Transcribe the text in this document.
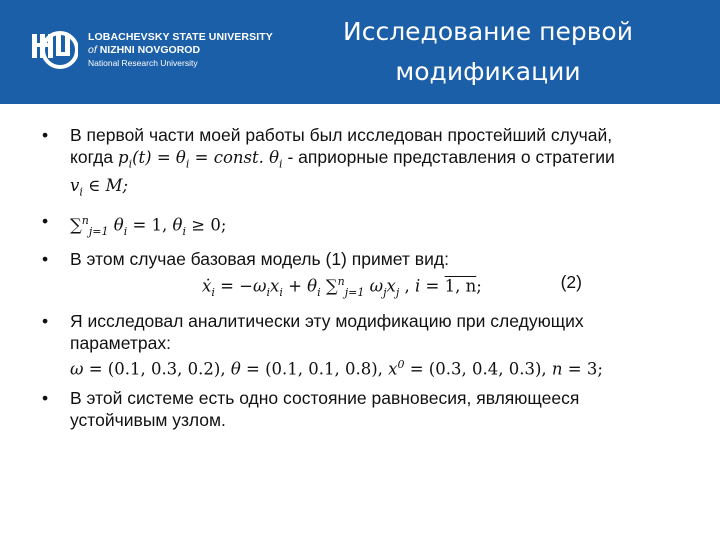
LOBACHEVSKY STATE UNIVERSITY
of NIZHNI NOVGOROD
National Research University
Исследование первой
модификации
• В первой части моей работы был исследован простейший случай,
когда $p_i(t) = \theta_i$ = const. $\theta_i$ - априорные представления о стратегии
$v_i$ ∈ M;
• ∑$^n_{j=1}$ $\theta_i = 1$, $\theta_i \ge 0$;
• В этом случае базовая модель (1) примет вид:
ẋ$_i$ = $-\omega_ix_i + \theta_i$ ∑$^n_{j=1}$ $\omega_jx_j$ , i = 1, n;	(2)
• Я исследовал аналитически эту модификацию при следующих
параметрах:
ω = (0.1, 0.3, 0.2), θ = (0.1, 0.1, 0.8), $x^0 = (0.3$, 0.4, 0.3), n = 3;
• В этой системе есть одно состояние равновесия, являющееся
устойчивым узлом.
